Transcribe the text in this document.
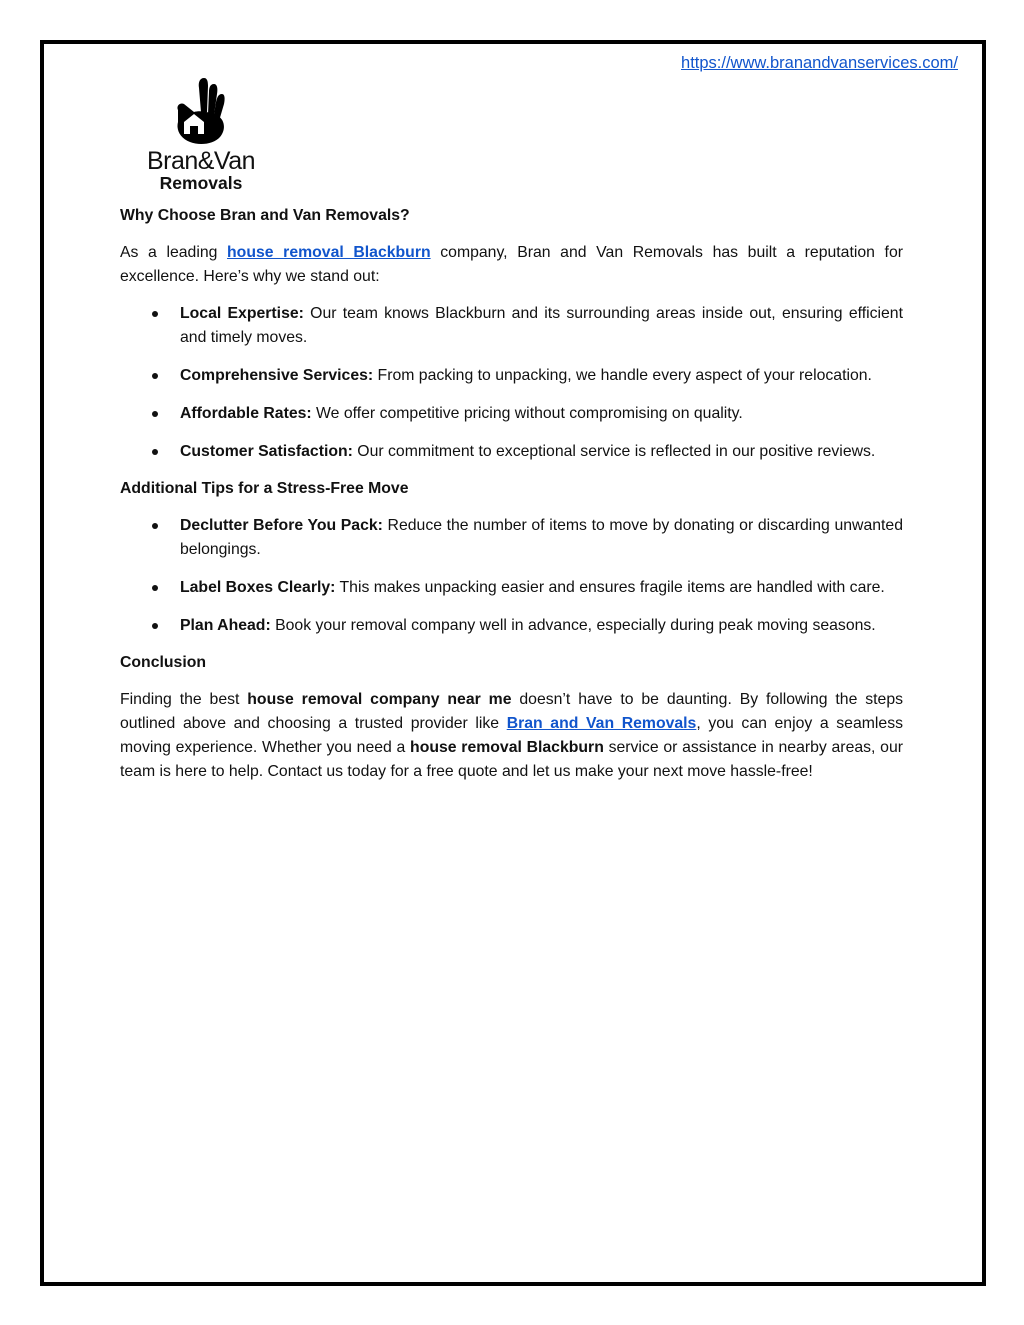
https://www.branandvanservices.com/
Bran&Van
Removals
Why Choose Bran and Van Removals?

As a leading house removal Blackburn company, Bran and Van Removals has built a reputation for excellence. Here’s why we stand out:

Local Expertise: Our team knows Blackburn and its surrounding areas inside out, ensuring efficient and timely moves.
Comprehensive Services: From packing to unpacking, we handle every aspect of your relocation.
Affordable Rates: We offer competitive pricing without compromising on quality.
Customer Satisfaction: Our commitment to exceptional service is reflected in our positive reviews.
Additional Tips for a Stress-Free Move
Declutter Before You Pack: Reduce the number of items to move by donating or discarding unwanted belongings.
Label Boxes Clearly: This makes unpacking easier and ensures fragile items are handled with care.
Plan Ahead: Book your removal company well in advance, especially during peak moving seasons.
Conclusion

Finding the best house removal company near me doesn’t have to be daunting. By following the steps outlined above and choosing a trusted provider like Bran and Van Removals, you can enjoy a seamless moving experience. Whether you need a house removal Blackburn service or assistance in nearby areas, our team is here to help. Contact us today for a free quote and let us make your next move hassle-free!
